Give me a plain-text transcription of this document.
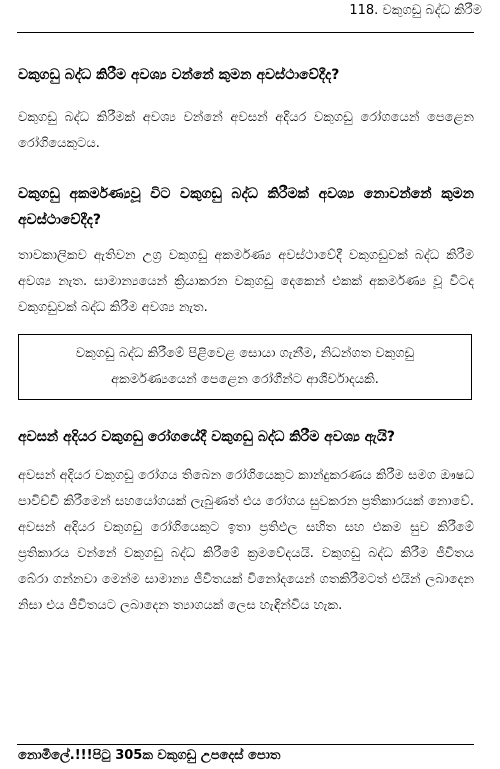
118. වකුගඩු බද්ධ කිරීම

වකුගඩු බද්ධ කිරීම අවශ්‍ය වන්නේ කුමන අවස්ථාවේදීද?

වකුගඩු බද්ධ කිරීමක් අවශ්‍ය වන්නේ අවසන් අදියර වකුගඩු රෝගයෙන් පෙළෙන රෝගියෙකුටය.

වකුගඩු අකර්මණ්‍යවූ විට වකුගඩු බද්ධ කිරීමක් අවශ්‍ය නොවන්නේ කුමන අවස්ථාවේදීද?

තාවකාලිකව ඇතිවන උග්‍ර වකුගඩු අකර්මණ්‍ය අවස්ථාවේදී වකුගඩුවක් බද්ධ කිරීම අවශ්‍ය නැත. සාමාන්‍යයෙන් ක්‍රියාකරන වකුගඩු දෙකෙන් එකක් අකර්මණ්‍ය වූ විටද වකුගඩුවක් බද්ධ කිරීම අවශ්‍ය නැත.

වකුගඩු බද්ධ කිරීමේ පිළිවෙළ සොයා ගැනීම, නිධන්ගත වකුගඩු අකර්මණ්‍යයෙන් පෙළෙන රෝගීන්ට ආශීර්වාදයකි.

අවසන් අදියර වකුගඩු රෝගයේදී වකුගඩු බද්ධ කිරීම අවශ්‍ය ඇයි?

අවසන් අදියර වකුගඩු රෝගය තිබෙන රෝගියෙකුට කාන්දුකරණය කිරීම සමග ඖෂධ පාවිච්චි කිරීමෙන් සහයෝගයක් ලැබුණත් එය රෝගය සුවකරන ප්‍රතිකාරයක් නොවේ. අවසන් අදියර වකුගඩු රෝගියෙකුට ඉතා ප්‍රතිඵල සහිත සහ එකම සුව කිරීමේ ප්‍රතිකාරය වන්නේ වකුගඩු බද්ධ කිරීමේ ක්‍රමවේදයයි. වකුගඩු බද්ධ කිරීම ජීවිතය බේරා ගන්නවා මෙන්ම සාමාන්‍ය ජීවිතයක් විනෝදයෙන් ගතකිරීමටත් එයින් ලබාදෙන නිසා එය ජීවිතයට ලබාදෙන ත්‍යාගයක් ලෙස හැඳින්විය හැක.

නොමිලේ.!!!පිටු 305ක වකුගඩු උපදෙස් පොත
